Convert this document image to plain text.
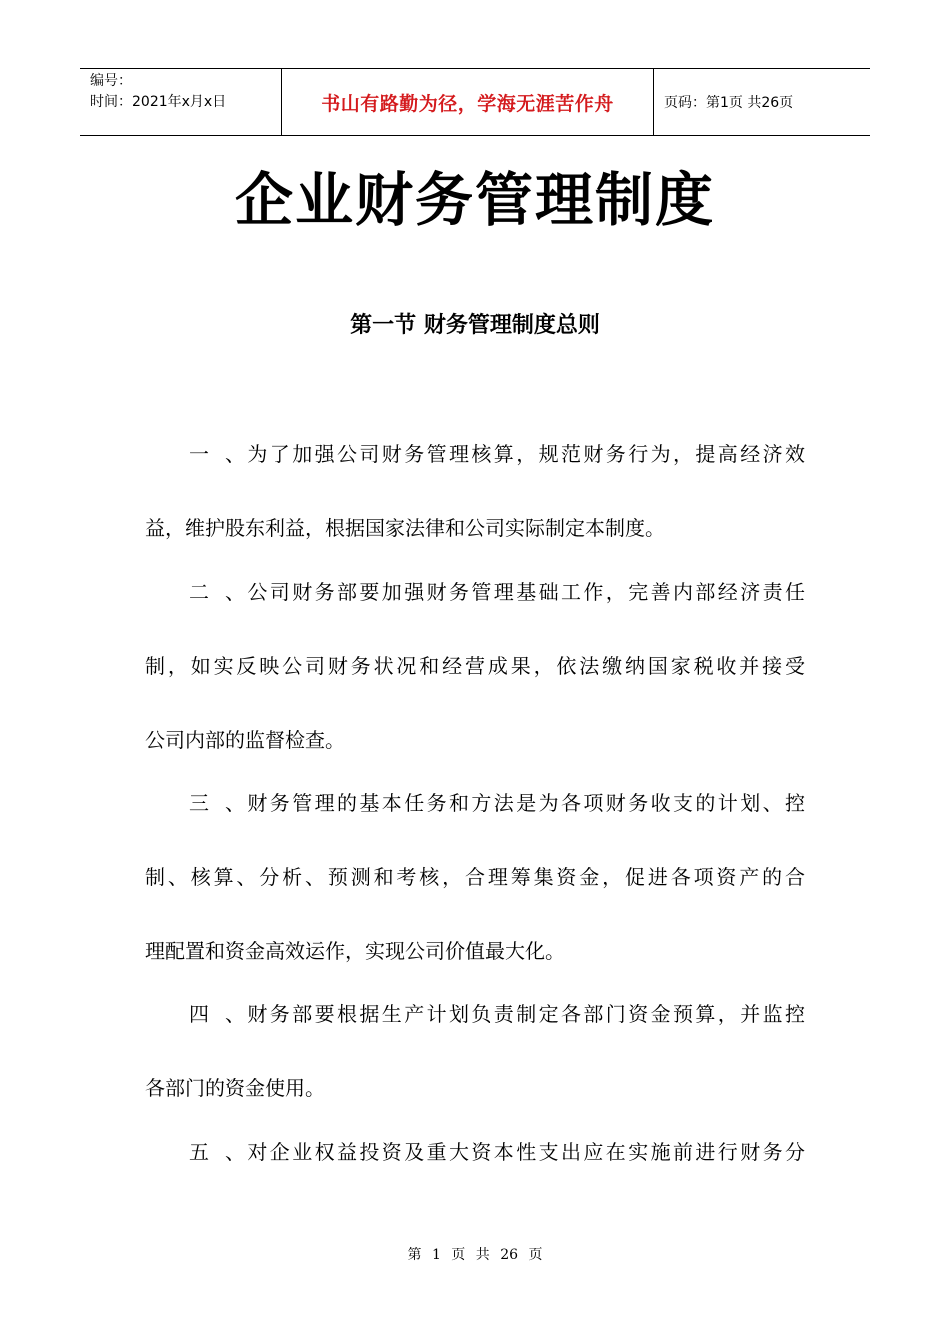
编号：
时间：2021年x月x日	书山有路勤为径，学海无涯苦作舟	页码：第1页 共26页
企业财务管理制度
第一节 财务管理制度总则
一、为了加强公司财务管理核算，规范财务行为，提高经济效
益，维护股东利益，根据国家法律和公司实际制定本制度。
二、公司财务部要加强财务管理基础工作，完善内部经济责任
制，如实反映公司财务状况和经营成果，依法缴纳国家税收并接受
公司内部的监督检查。
三、财务管理的基本任务和方法是为各项财务收支的计划、控
制、核算、分析、预测和考核，合理筹集资金，促进各项资产的合
理配置和资金高效运作，实现公司价值最大化。
四、财务部要根据生产计划负责制定各部门资金预算，并监控
各部门的资金使用。
五、对企业权益投资及重大资本性支出应在实施前进行财务分
第 1 页 共 26 页
